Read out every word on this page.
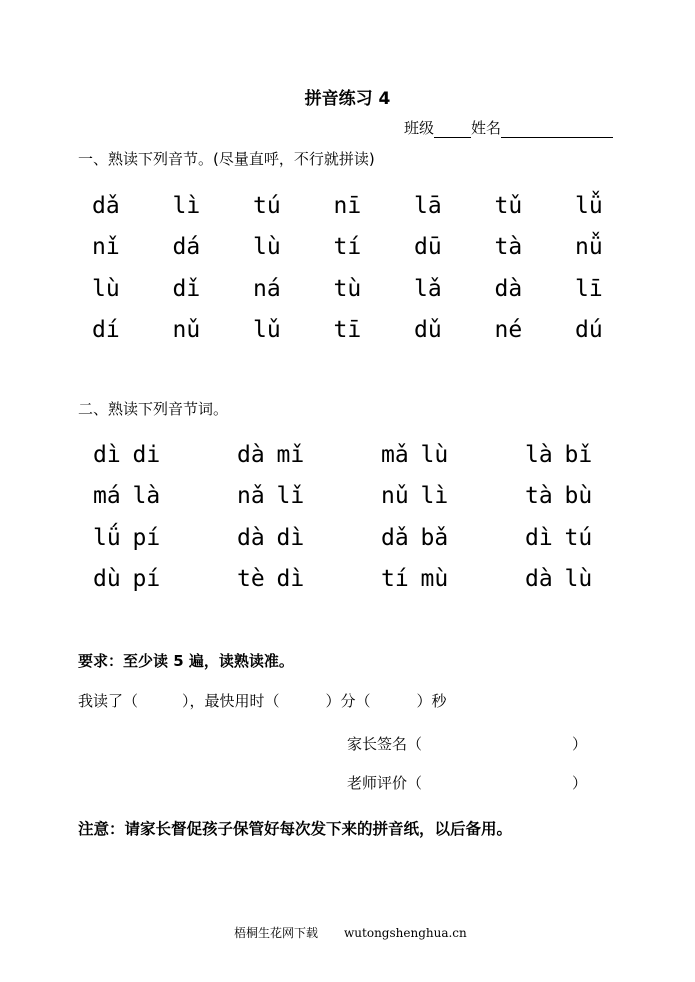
拼音练习 4
班级 姓名
一、熟读下列音节。(尽量直呼，不行就拼读)
dǎ	lì	tú	nī	lā	tǔ	lǚ
nǐ	dá	lù	tí	dū	tà	nǚ
lù	dǐ	ná	tù	lǎ	dà	lī
dí	nǔ	lǔ	tī	dǔ	né	dú
二、熟读下列音节词。
dì di	dà mǐ	mǎ lù	là bǐ
má là	nǎ lǐ	nǔ lì	tà bù
lǘ pí	dà dì	dǎ bǎ	dì tú
dù pí	tè dì	tí mù	dà lù
要求：至少读 5 遍，读熟读准。
我读了（	），最快用时（	）分（	）秒
家长签名（	）
老师评价（	）
注意：请家长督促孩子保管好每次发下来的拼音纸，以后备用。
梧桐生花网下载 wutongshenghua.cn
